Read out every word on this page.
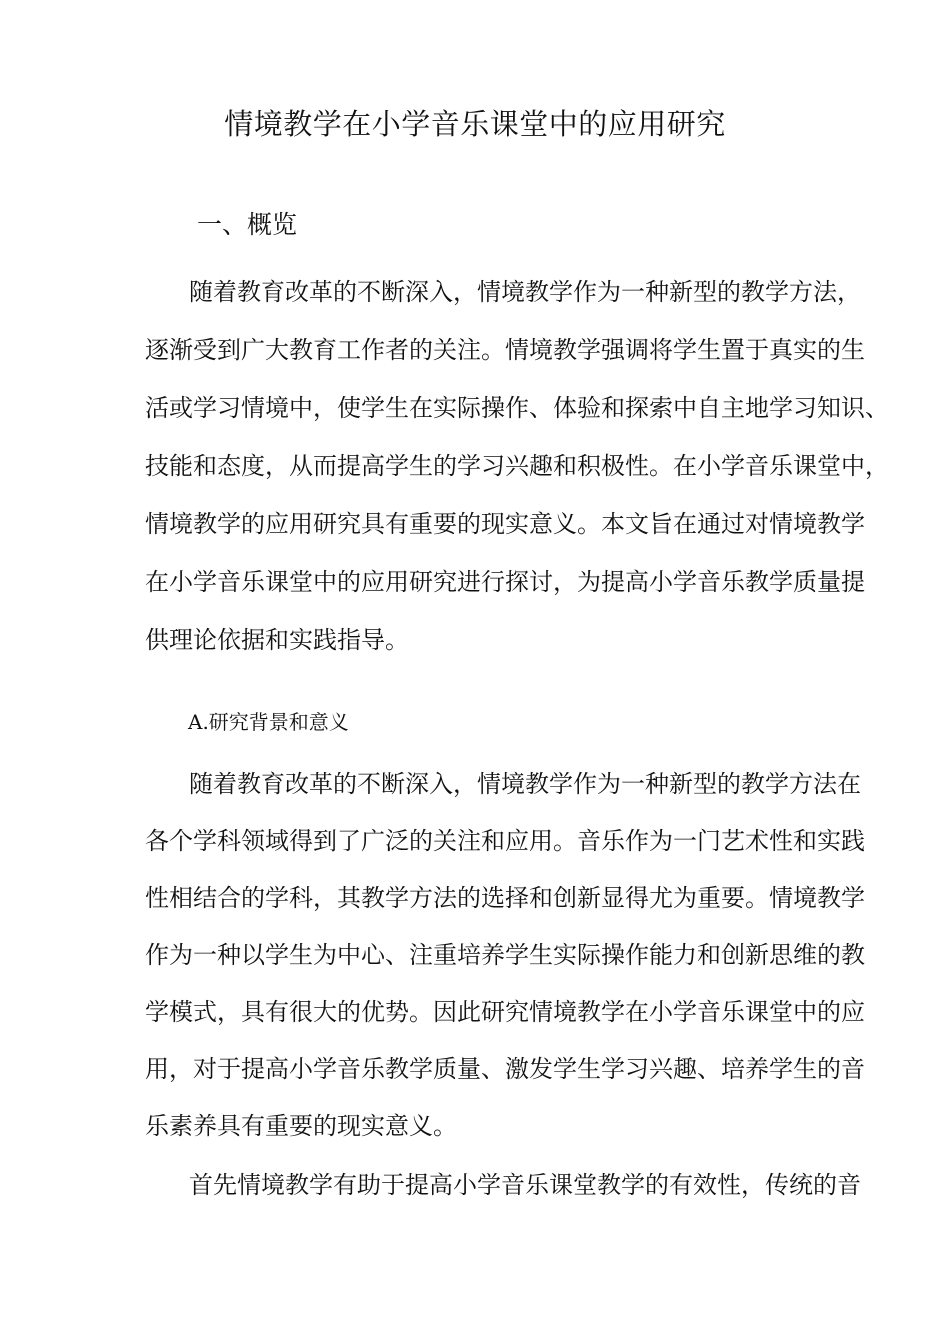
情境教学在小学音乐课堂中的应用研究
一、概览

随着教育改革的不断深入，情境教学作为一种新型的教学方法，

逐渐受到广大教育工作者的关注。情境教学强调将学生置于真实的生

活或学习情境中，使学生在实际操作、体验和探索中自主地学习知识、

技能和态度，从而提高学生的学习兴趣和积极性。在小学音乐课堂中，

情境教学的应用研究具有重要的现实意义。本文旨在通过对情境教学

在小学音乐课堂中的应用研究进行探讨，为提高小学音乐教学质量提

供理论依据和实践指导。

A.研究背景和意义

随着教育改革的不断深入，情境教学作为一种新型的教学方法在

各个学科领域得到了广泛的关注和应用。音乐作为一门艺术性和实践

性相结合的学科，其教学方法的选择和创新显得尤为重要。情境教学

作为一种以学生为中心、注重培养学生实际操作能力和创新思维的教

学模式，具有很大的优势。因此研究情境教学在小学音乐课堂中的应

用，对于提高小学音乐教学质量、激发学生学习兴趣、培养学生的音

乐素养具有重要的现实意义。

首先情境教学有助于提高小学音乐课堂教学的有效性，传统的音
